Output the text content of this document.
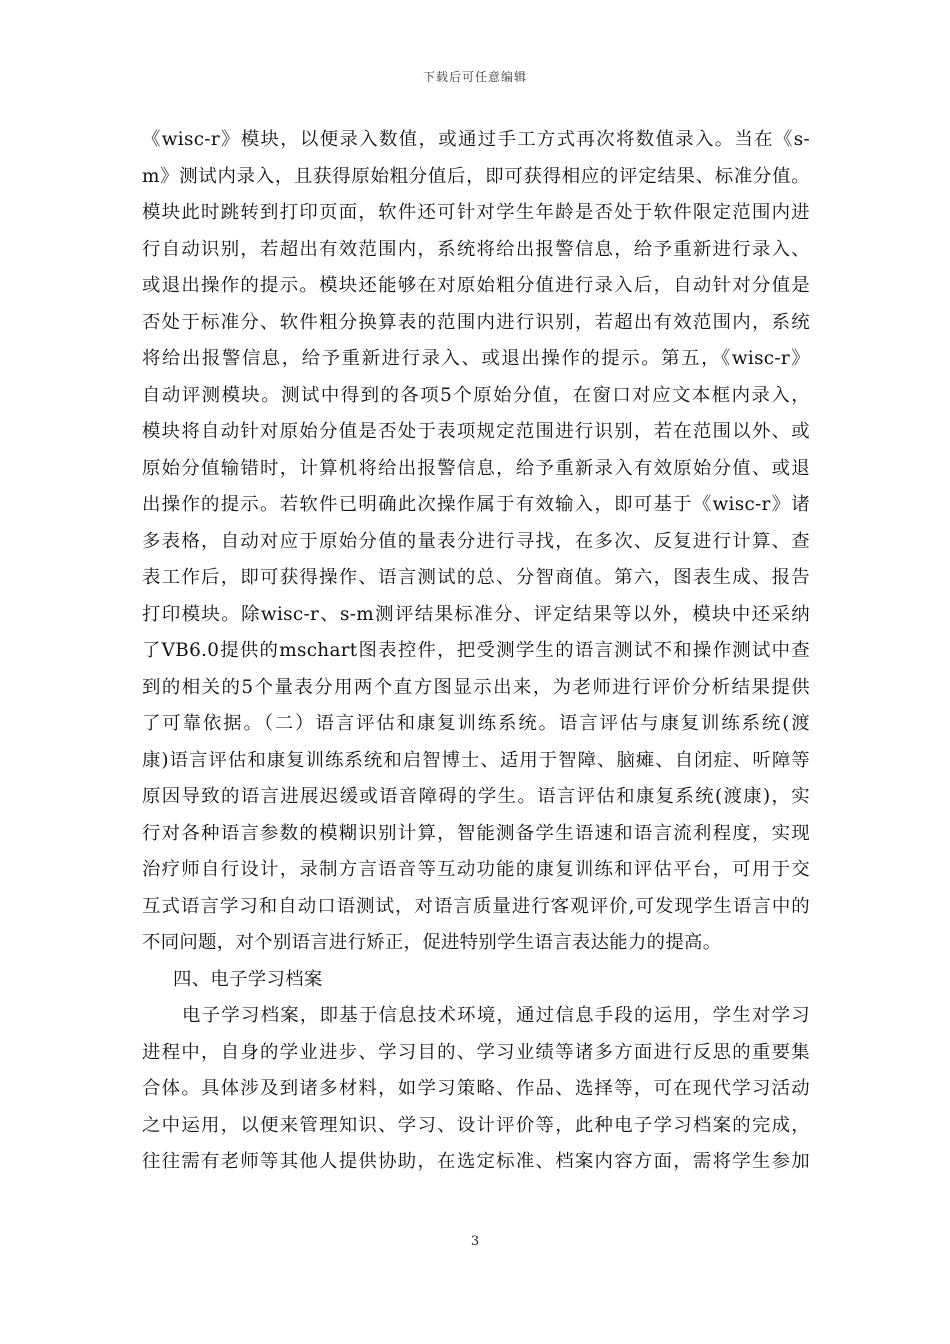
下载后可任意编辑
《wisc-r》模块，以便录入数值，或通过手工方式再次将数值录入。当在《s-
m》测试内录入，且获得原始粗分值后，即可获得相应的评定结果、标准分值。
模块此时跳转到打印页面，软件还可针对学生年龄是否处于软件限定范围内进
行自动识别，若超出有效范围内，系统将给出报警信息，给予重新进行录入、
或退出操作的提示。模块还能够在对原始粗分值进行录入后，自动针对分值是
否处于标准分、软件粗分换算表的范围内进行识别，若超出有效范围内，系统
将给出报警信息，给予重新进行录入、或退出操作的提示。第五，《wisc-r》
自动评测模块。测试中得到的各项5个原始分值，在窗口对应文本框内录入，
模块将自动针对原始分值是否处于表项规定范围进行识别，若在范围以外、或
原始分值输错时，计算机将给出报警信息，给予重新录入有效原始分值、或退
出操作的提示。若软件已明确此次操作属于有效输入，即可基于《wisc-r》诸
多表格，自动对应于原始分值的量表分进行寻找，在多次、反复进行计算、查
表工作后，即可获得操作、语言测试的总、分智商值。第六，图表生成、报告
打印模块。除wisc-r、s-m测评结果标准分、评定结果等以外，模块中还采纳
了VB6.0提供的mschart图表控件，把受测学生的语言测试不和操作测试中查
到的相关的5个量表分用两个直方图显示出来，为老师进行评价分析结果提供
了可靠依据。（二）语言评估和康复训练系统。语言评估与康复训练系统(渡
康)语言评估和康复训练系统和启智博士、适用于智障、脑瘫、自闭症、听障等
原因导致的语言进展迟缓或语音障碍的学生。语言评估和康复系统(渡康)，实
行对各种语言参数的模糊识别计算，智能测备学生语速和语言流利程度，实现
治疗师自行设计，录制方言语音等互动功能的康复训练和评估平台，可用于交
互式语言学习和自动口语测试，对语言质量进行客观评价,可发现学生语言中的
不同问题，对个别语言进行矫正，促进特别学生语言表达能力的提高。
四、电子学习档案
电子学习档案，即基于信息技术环境，通过信息手段的运用，学生对学习
进程中，自身的学业进步、学习目的、学习业绩等诸多方面进行反思的重要集
合体。具体涉及到诸多材料，如学习策略、作品、选择等，可在现代学习活动
之中运用，以便来管理知识、学习、设计评价等，此种电子学习档案的完成，
往往需有老师等其他人提供协助，在选定标准、档案内容方面，需将学生参加
3
